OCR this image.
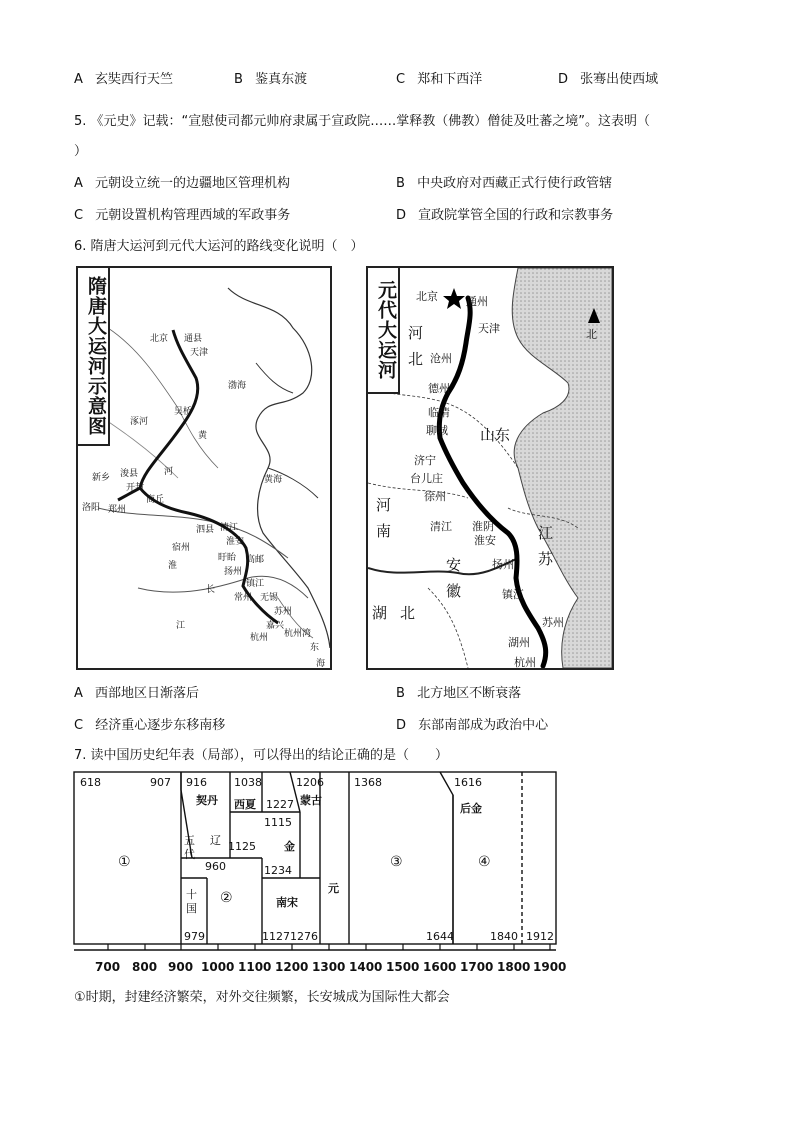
A 玄奘西行天竺	B 鉴真东渡	C 郑和下西洋	D 张骞出使西域
5. 《元史》记载：“宣慰使司都元帅府隶属于宣政院……掌释教（佛教）僧徒及吐蕃之境”。这表明（
）
A 元朝设立统一的边疆地区管理机构	B 中央政府对西藏正式行使行政管辖
C 元朝设置机构管理西域的军政事务	D 宣政院掌管全国的行政和宗教事务
6. 隋唐大运河到元代大运河的路线变化说明（　）
北京 通县
天津
渤海
涿河
吴桥
黄
新乡 浚县	河
开封
商丘
洛阳 郑州
黄海
泗县 清江
淮安
宿州
高邮
扬州
盱眙
淮
镇江
常州 无锡
长
苏州
江	嘉兴
杭州 杭州湾
东
海
隋唐大运河示意图	北京	通州
天津	北
河
北 沧州
德州
临清
聊城 山东
济宁
台儿庄
徐州
河
南	清江 淮阴
淮安	江
苏
扬州
安
徽	镇江
湖 北
苏州
湖州
杭州
元代大运河
A 西部地区日渐落后	B 北方地区不断衰落
C 经济重心逐步东移南移	D 东部南部成为政治中心
7. 读中国历史纪年表（局部），可以得出的结论正确的是（　　）
618	907
①
916
契丹
辽 1125
五代
960
十国
979
②
1038
西夏 1227
1115
金
1234
1206
蒙古
南宋
1127 1276
元
1368
③
1644
1616
后金
④
1840 1912
700 800 900 1000 1100 1200 1300 1400 1500 1600 1700 1800 1900
①时期，封建经济繁荣，对外交往频繁，长安城成为国际性大都会
